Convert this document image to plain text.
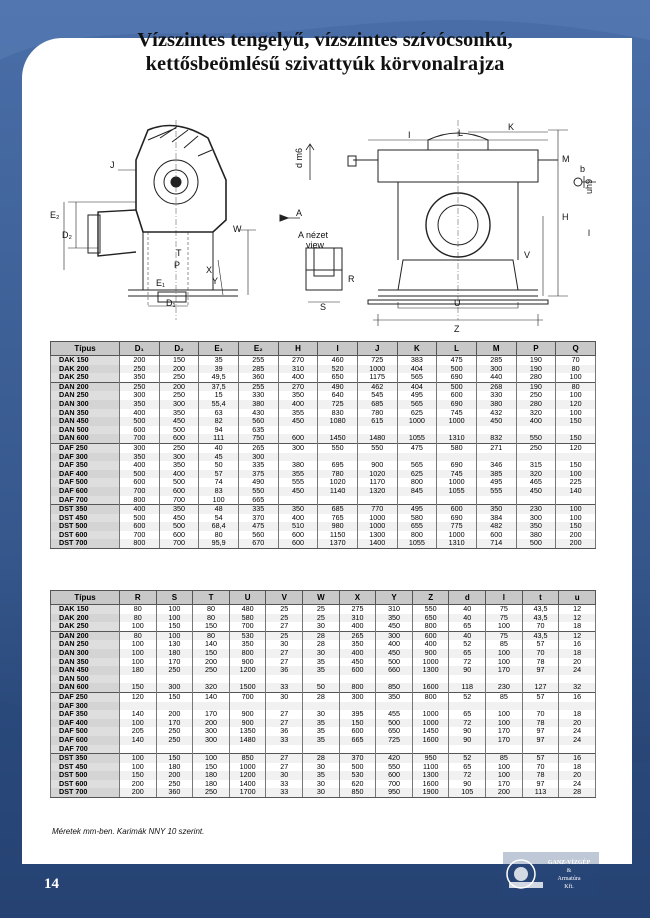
Vízszintes tengelyű, vízszintes szívócsonkú,
kettősbeömlésű szivattyúk körvonalrajza
E₂
D₂
J
W
T
P	X
E₁	Y
D₁
d m6
A
A nézet
view
S
R
I	L
K
M
H
V
U
Z
b
uh9
l
Típus	D₁	D₂	E₁	E₂	H	I	J	K	L	M	P	Q
DAK 150	200	150	35	255	270	460	725	383	475	285	190	70
DAK 200	250	200	39	285	310	520	1000	404	500	300	190	80
DAK 250	350	250	49,5	360	400	650	1175	565	690	440	280	100
DAN 200	250	200	37,5	255	270	490	462	404	500	268	190	80
DAN 250	300	250	15	330	350	640	545	495	600	330	250	100
DAN 300	350	300	55,4	380	400	725	685	565	690	380	280	120
DAN 350	400	350	63	430	355	830	780	625	745	432	320	100
DAN 450	500	450	82	560	450	1080	615	1000	1000	450	400	150
DAN 500	600	500	94	635								
DAN 600	700	600	111	750	600	1450	1480	1055	1310	832	550	150
DAF 250	300	250	40	265	300	550	550	475	580	271	250	120
DAF 300	350	300	45	300								
DAF 350	400	350	50	335	380	695	900	565	690	346	315	150
DAF 400	500	400	57	375	355	780	1020	625	745	385	320	100
DAF 500	600	500	74	490	555	1020	1170	800	1000	495	465	225
DAF 600	700	600	83	550	450	1140	1320	845	1055	555	450	140
DAF 700	800	700	100	665								
DST 350	400	350	48	335	350	685	770	495	600	350	230	100
DST 450	500	450	54	370	400	765	1000	580	690	384	300	100
DST 500	600	500	68,4	475	510	980	1000	655	775	482	350	150
DST 600	700	600	80	560	600	1150	1300	800	1000	600	380	200
DST 700	800	700	95,9	670	600	1370	1400	1055	1310	714	500	200
Típus	R	S	T	U	V	W	X	Y	Z	d	l	t	u
DAK 150	80	100	80	480	25	25	275	310	550	40	75	43,5	12
DAK 200	80	100	80	580	25	25	310	350	650	40	75	43,5	12
DAK 250	100	150	150	700	27	30	400	450	800	65	100	70	18
DAN 200	80	100	80	530	25	28	265	300	600	40	75	43,5	12
DAN 250	100	130	140	350	30	28	350	400	400	52	85	57	16
DAN 300	100	180	150	800	27	30	400	450	900	65	100	70	18
DAN 350	100	170	200	900	27	35	450	500	1000	72	100	78	20
DAN 450	180	250	250	1200	36	35	600	660	1300	90	170	97	24
DAN 500													
DAN 600	150	300	320	1500	33	50	800	850	1600	118	230	127	32
DAF 250	120	150	140	700	30	28	300	350	800	52	85	57	16
DAF 300													
DAF 350	140	200	170	900	27	30	395	455	1000	65	100	70	18
DAF 400	100	170	200	900	27	35	150	500	1000	72	100	78	20
DAF 500	205	250	300	1350	36	35	600	650	1450	90	170	97	24
DAF 600	140	250	300	1480	33	35	665	725	1600	90	170	97	24
DAF 700													
DST 350	100	150	100	850	27	28	370	420	950	52	85	57	16
DST 450	100	180	150	1000	27	30	500	550	1100	65	100	70	18
DST 500	150	200	180	1200	30	35	530	600	1300	72	100	78	20
DST 600	200	250	180	1400	33	30	620	700	1600	90	170	97	24
DST 700	200	360	250	1700	33	30	850	950	1900	105	200	113	28
Méretek mm-ben. Karimák NNY 10 szerint.
14
GANZ-VÍZGÉP
&
Armatúra
Kft.
